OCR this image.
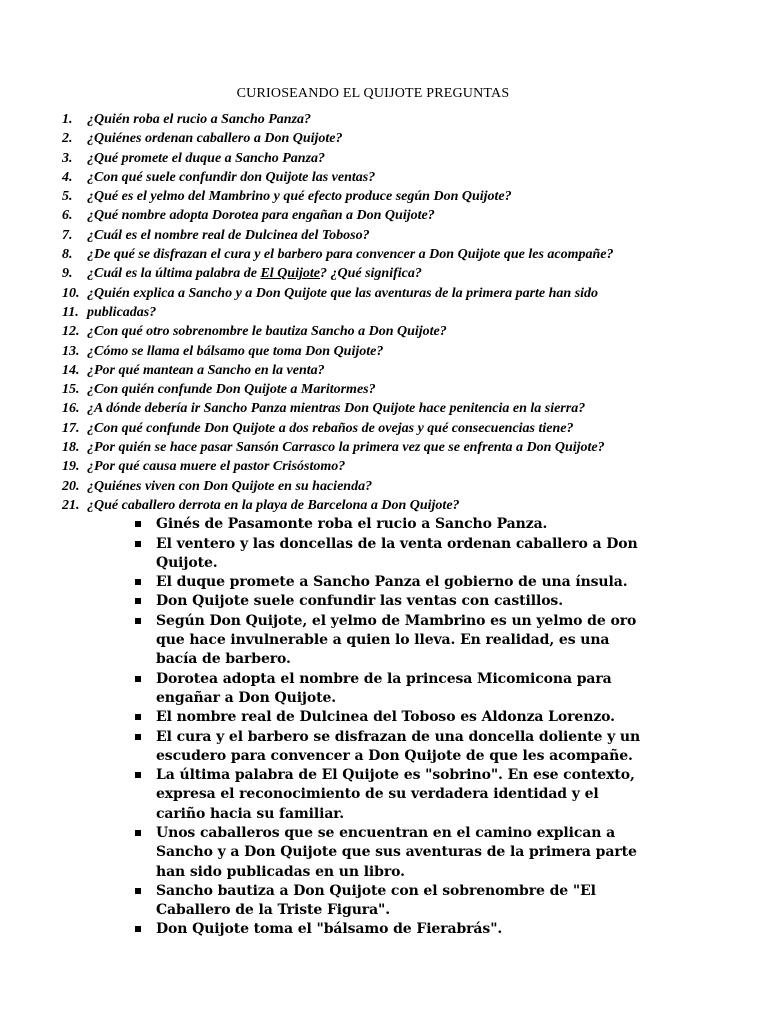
CURIOSEANDO EL QUIJOTE PREGUNTAS
1.	¿Quién roba el rucio a Sancho Panza?
2.	¿Quiénes ordenan caballero a Don Quijote?
3.	¿Qué promete el duque a Sancho Panza?
4.	¿Con qué suele confundir don Quijote las ventas?
5.	¿Qué es el yelmo del Mambrino y qué efecto produce según Don Quijote?
6.	¿Qué nombre adopta Dorotea para engañan a Don Quijote?
7.	¿Cuál es el nombre real de Dulcinea del Toboso?
8.	¿De qué se disfrazan el cura y el barbero para convencer a Don Quijote que les acompañe?
9.	¿Cuál es la última palabra de El Quijote? ¿Qué significa?
10. ¿Quién explica a Sancho y a Don Quijote que las aventuras de la primera parte han sido
11. publicadas?
12. ¿Con qué otro sobrenombre le bautiza Sancho a Don Quijote?
13. ¿Cómo se llama el bálsamo que toma Don Quijote?
14. ¿Por qué mantean a Sancho en la venta?
15. ¿Con quién confunde Don Quijote a Maritormes?
16. ¿A dónde debería ir Sancho Panza mientras Don Quijote hace penitencia en la sierra?
17. ¿Con qué confunde Don Quijote a dos rebaños de ovejas y qué consecuencias tiene?
18. ¿Por quién se hace pasar Sansón Carrasco la primera vez que se enfrenta a Don Quijote?
19. ¿Por qué causa muere el pastor Crisóstomo?
20. ¿Quiénes viven con Don Quijote en su hacienda?
21. ¿Qué caballero derrota en la playa de Barcelona a Don Quijote?
Ginés de Pasamonte roba el rucio a Sancho Panza.
El ventero y las doncellas de la venta ordenan caballero a Don Quijote.
El duque promete a Sancho Panza el gobierno de una ínsula.
Don Quijote suele confundir las ventas con castillos.
Según Don Quijote, el yelmo de Mambrino es un yelmo de oro que hace invulnerable a quien lo lleva. En realidad, es una bacía de barbero.
Dorotea adopta el nombre de la princesa Micomicona para engañar a Don Quijote.
El nombre real de Dulcinea del Toboso es Aldonza Lorenzo.
El cura y el barbero se disfrazan de una doncella doliente y un escudero para convencer a Don Quijote de que les acompañe.
La última palabra de El Quijote es "sobrino". En ese contexto, expresa el reconocimiento de su verdadera identidad y el cariño hacia su familiar.
Unos caballeros que se encuentran en el camino explican a Sancho y a Don Quijote que sus aventuras de la primera parte han sido publicadas en un libro.
Sancho bautiza a Don Quijote con el sobrenombre de "El Caballero de la Triste Figura".
Don Quijote toma el "bálsamo de Fierabrás".
